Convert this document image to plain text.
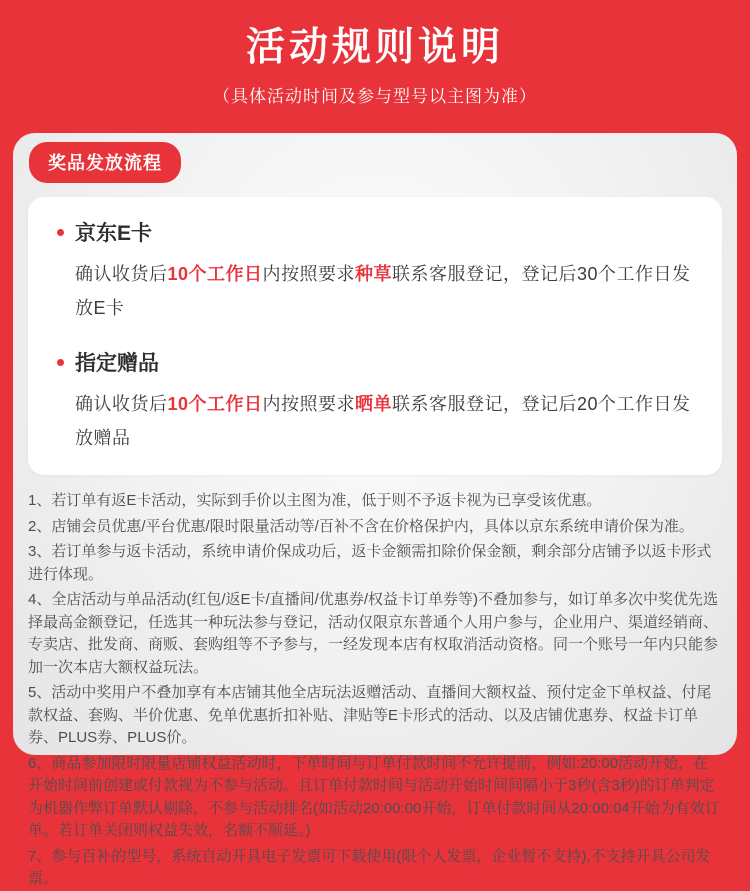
活动规则说明
（具体活动时间及参与型号以主图为准）
奖品发放流程
京东E卡
确认收货后10个工作日内按照要求种草联系客服登记，登记后30个工作日发放E卡
指定赠品
确认收货后10个工作日内按照要求晒单联系客服登记，登记后20个工作日发放赠品
1、若订单有返E卡活动，实际到手价以主图为准，低于则不予返卡视为已享受该优惠。
2、店铺会员优惠/平台优惠/限时限量活动等/百补不含在价格保护内，具体以京东系统申请价保为准。
3、若订单参与返卡活动，系统申请价保成功后，返卡金额需扣除价保金额，剩余部分店铺予以返卡形式进行体现。
4、全店活动与单品活动(红包/返E卡/直播间/优惠券/权益卡订单券等)不叠加参与，如订单多次中奖优先选择最高金额登记，任选其一种玩法参与登记，活动仅限京东普通个人用户参与，企业用户、渠道经销商、专卖店、批发商、商贩、套购组等不予参与，一经发现本店有权取消活动资格。同一个账号一年内只能参加一次本店大额权益玩法。
5、活动中奖用户不叠加享有本店铺其他全店玩法返赠活动、直播间大额权益、预付定金下单权益、付尾款权益、套购、半价优惠、免单优惠折扣补贴、津贴等E卡形式的活动、以及店铺优惠券、权益卡订单券、PLUS券、PLUS价。
6、商品参加限时限量店铺权益活动时，下单时间与订单付款时间不允许提前，例如:20:00活动开始，在开始时间前创建或付款视为不参与活动。且订单付款时间与活动开始时间间隔小于3秒(含3秒)的订单判定为机器作弊订单默认剔除，不参与活动排名(如活动20:00:00开始，订单付款时间从20:00:04开始为有效订单。若订单关闭则权益失效，名额不顺延。)
7、参与百补的型号，系统自动开具电子发票可下载使用(限个人发票，企业暂不支持),不支持开具公司发票。
